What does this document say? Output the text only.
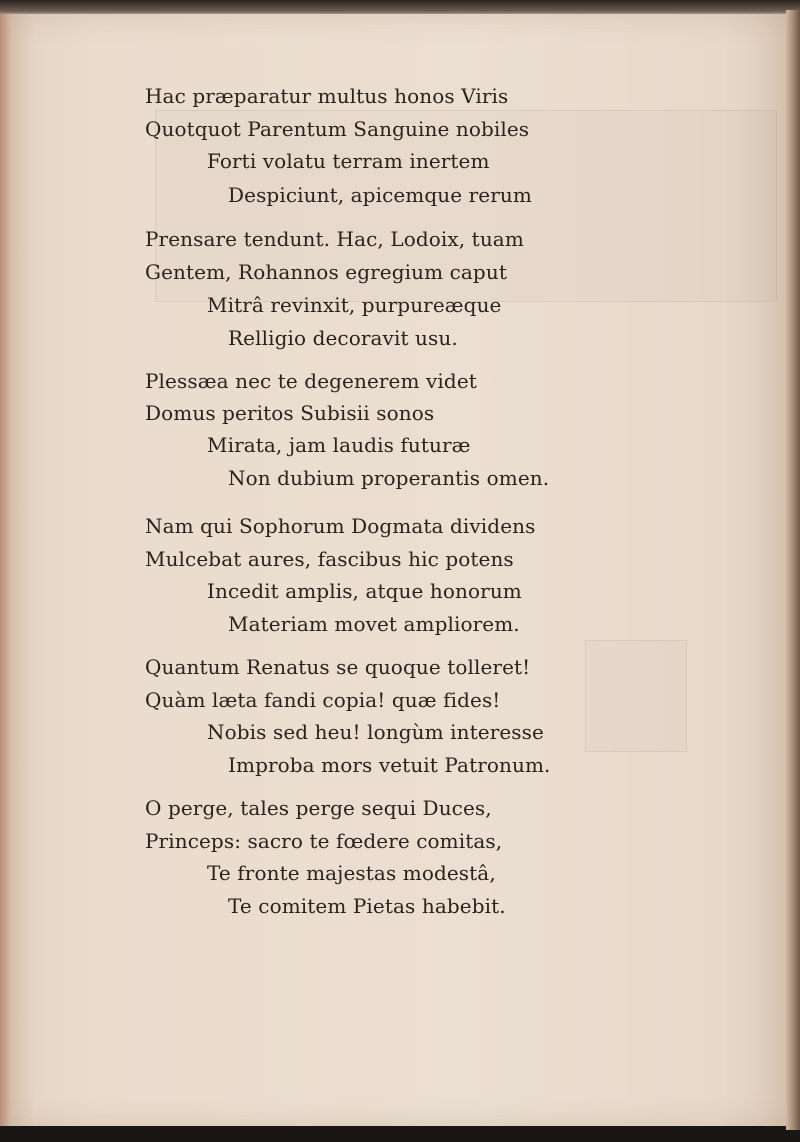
Hac præparatur multus honos Viris
Quotquot Parentum Sanguine nobiles
Forti volatu terram inertem
Despiciunt, apicemque rerum
Prensare tendunt. Hac, Lodoix, tuam
Gentem, Rohannos egregium caput
Mitrâ revinxit, purpureæque
Relligio decoravit usu.
Plessæa nec te degenerem videt
Domus peritos Subisii sonos
Mirata, jam laudis futuræ
Non dubium properantis omen.
Nam qui Sophorum Dogmata dividens
Mulcebat aures, fascibus hic potens
Incedit amplis, atque honorum
Materiam movet ampliorem.
Quantum Renatus se quoque tolleret!
Quàm læta fandi copia! quæ fides!
Nobis sed heu! longùm interesse
Improba mors vetuit Patronum.
O perge, tales perge sequi Duces,
Princeps: sacro te fœdere comitas,
Te fronte majestas modestâ,
Te comitem Pietas habebit.
